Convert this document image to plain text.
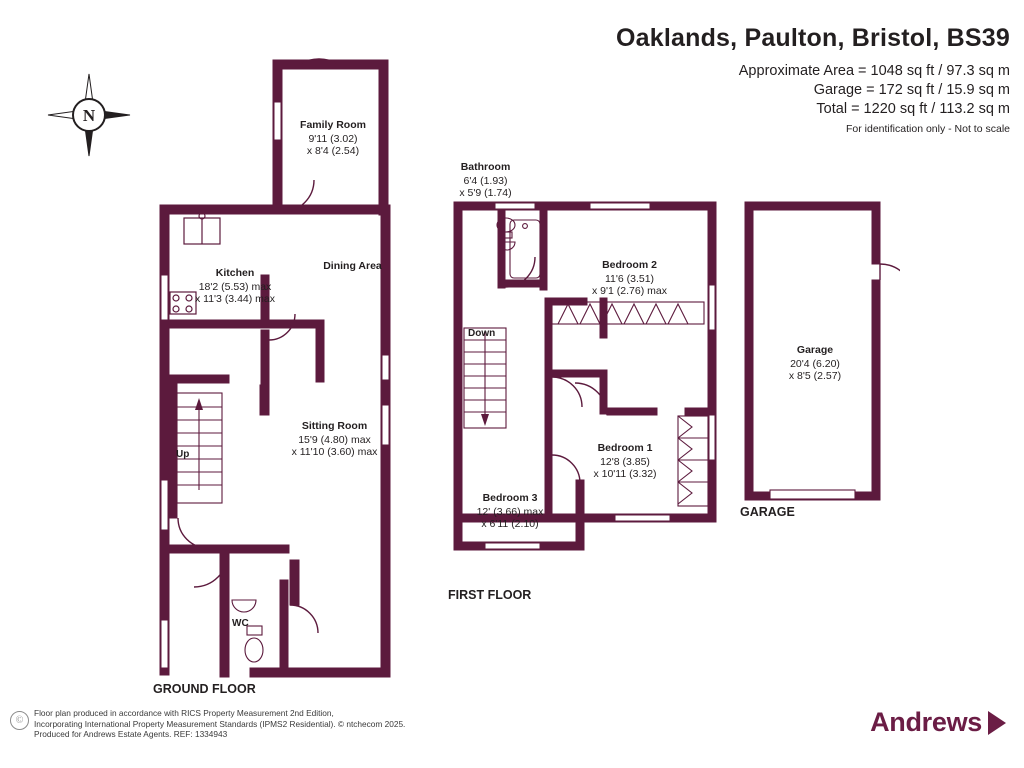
Oaklands, Paulton, Bristol, BS39
Approximate Area = 1048 sq ft / 97.3 sq m
Garage = 172 sq ft / 15.9 sq m
Total = 1220 sq ft / 113.2 sq m
For identification only - Not to scale
N	Family Room
9'11 (3.02)
x 8'4 (2.54)
Kitchen
18'2 (5.53) max
x 11'3 (3.44) max
Dining Area
Sitting Room
15'9 (4.80) max
x 11'10 (3.60) max
Up
WC
GROUND FLOOR
Bathroom
6'4 (1.93)
x 5'9 (1.74)
Bedroom 2
11'6 (3.51)
x 9'1 (2.76) max
Bedroom 1
12'8 (3.85)
x 10'11 (3.32)
Bedroom 3
12' (3.66) max
x 6'11 (2.10)
Down
FIRST FLOOR
Garage
20'4 (6.20)
x 8'5 (2.57)
GARAGE
©
Floor plan produced in accordance with RICS Property Measurement 2nd Edition,
Incorporating International Property Measurement Standards (IPMS2 Residential). © ntchecom 2025.
Produced for Andrews Estate Agents. REF: 1334943	Andrews
